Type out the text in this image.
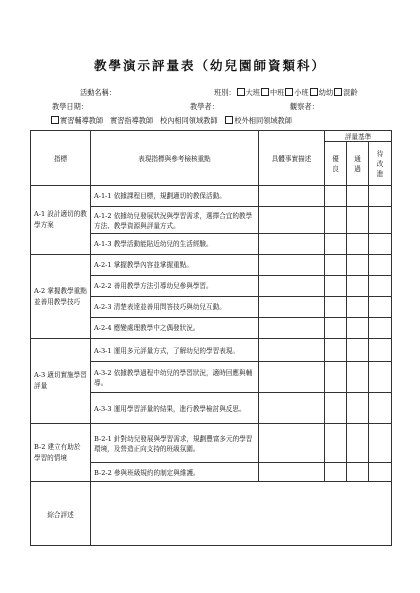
教學演示評量表（幼兒園師資類科）
活動名稱：	班別： 大班 中班 小班 幼幼 混齡
教學日期：	教學者：	觀察者：
實習輔導教師 實習指導教師 校內相同領域教師 校外相同領域教師
指標	表現指標與參考檢核重點	具體事實描述	評量基準		
			優良	通過	待改進
A-1 設計適切的教學方案	A-1-1 依據課程目標，規劃適切的教保活動。				
	A-1-2 依據幼兒發展狀況與學習需求，選擇合宜的教學方法、教學資源與評量方式。				
	A-1-3 教學活動能貼近幼兒的生活經驗。				
A-2 掌握教學重點並善用教學技巧	A-2-1 掌握教學內容並掌握重點。				
	A-2-2 善用教學方法引導幼兒參與學習。				
	A-2-3 清楚表達並善用問答技巧與幼兒互動。				
	A-2-4 應變處理教學中之偶發狀況。				
A-3 適切實施學習評量	A-3-1 運用多元評量方式，了解幼兒的學習表現。				
	A-3-2 依據教學過程中幼兒的學習狀況，適時回應與輔導。				
	A-3-3 運用學習評量的結果，進行教學檢討與反思。				
B-2 建立有助於學習的情境	B-2-1 針對幼兒發展與學習需求，規劃豐富多元的學習環境，及營造正向支持的班級氛圍。				
	B-2-2 參與班級規約的制定與維護。				
綜合評述					
